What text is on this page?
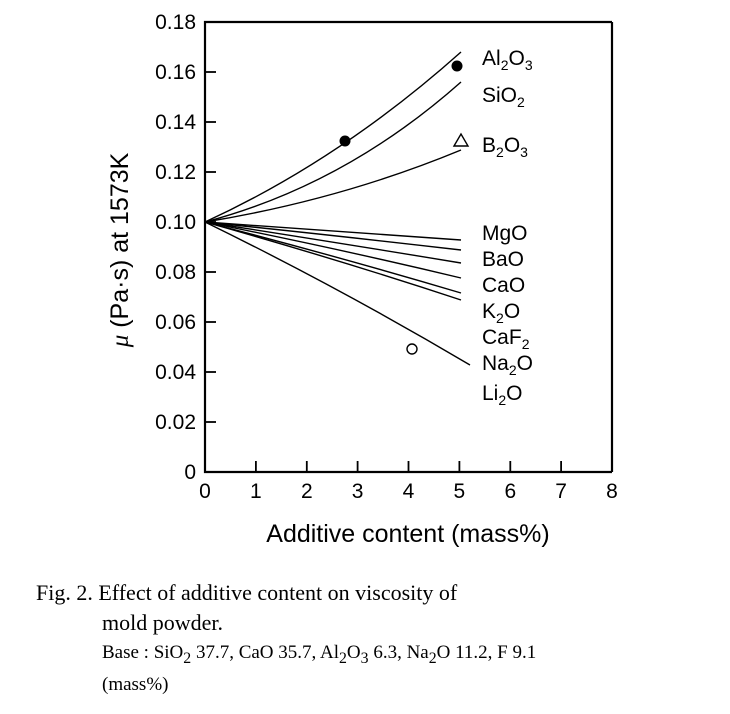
0
0.02
0.04
0.06
0.08
0.10
0.12
0.14
0.16
0.18
0 1 2 3 4 5 6 7 8
Additive content (mass%)
μ (Pa·s) at 1573K
$Al_2O_3$
SiO$_2$
$B_2O_3$
MgO
BaO
CaO
$K_2O$
CaF$_2$
$Na_2O$
$Li_2O$
Fig. 2. Effect of additive content on viscosity of
mold powder.
Base : SiO$_2$ 37.7, CaO 35.7, $Al_2O_3$ 6.3, $Na_2O$ 11.2, F 9.1
(mass%)
